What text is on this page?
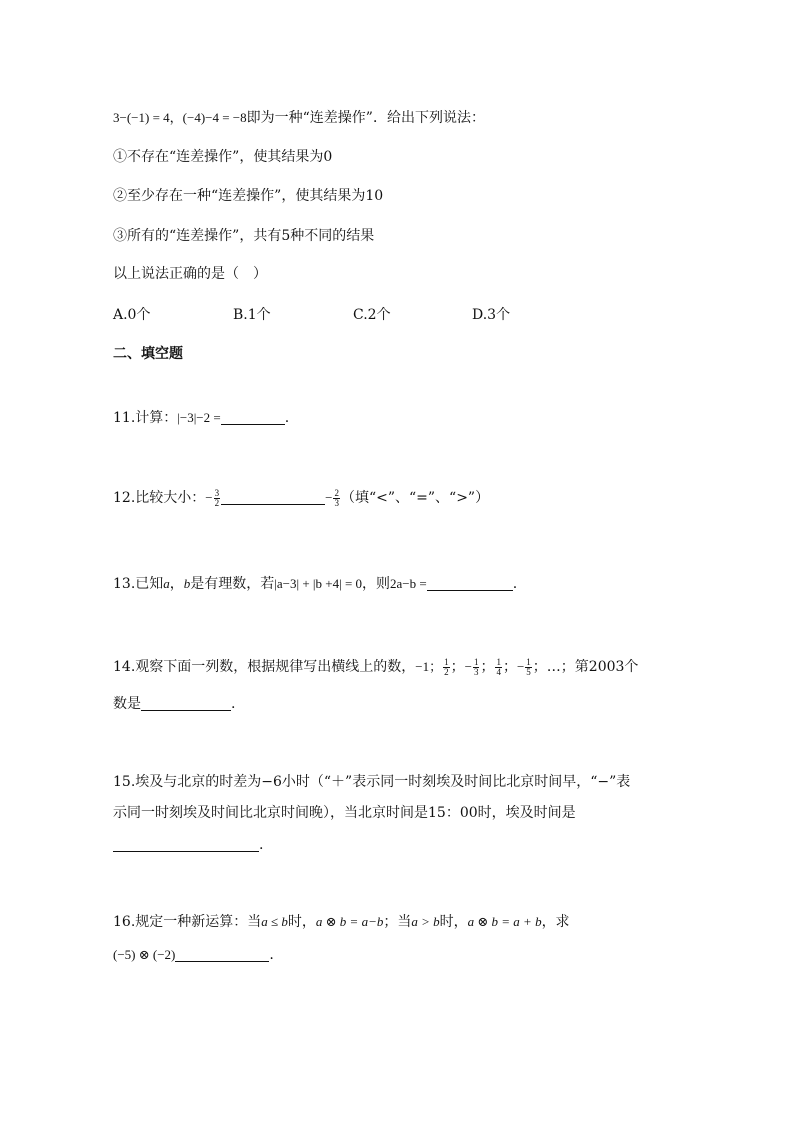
3−(−1) = 4，(−4)−4 = −8即为一种“连差操作”．给出下列说法：
①不存在“连差操作”，使其结果为0
②至少存在一种“连差操作”，使其结果为10
③所有的“连差操作”，共有5种不同的结果
以上说法正确的是（　）
A.0个	B.1个	C.2个	D.3个
二、填空题
11.计算：|−3|−2 =	.
12.比较大小：− $\frac{3}{2}$	− $\frac{2}{3}$ （填“<”、“=”、“>”）
13.已知a，b是有理数，若|a−3| + |b +4| = 0，则2a−b =	.
14.观察下面一列数，根据规律写出横线上的数，−1； $\frac{1}{2}$ ；− $\frac{1}{3}$ ； $\frac{1}{4}$ ；− $\frac{1}{5}$ ；…；第2003个
数是	.
15.埃及与北京的时差为−6小时（“＋”表示同一时刻埃及时间比北京时间早，“−”表
示同一时刻埃及时间比北京时间晚），当北京时间是15：00时，埃及时间是
.
16.规定一种新运算：当a ≤ b时，a ⊗ b = a−b；当a > b时，a ⊗ b = a + b，求
(−5) ⊗ (−2)	.
